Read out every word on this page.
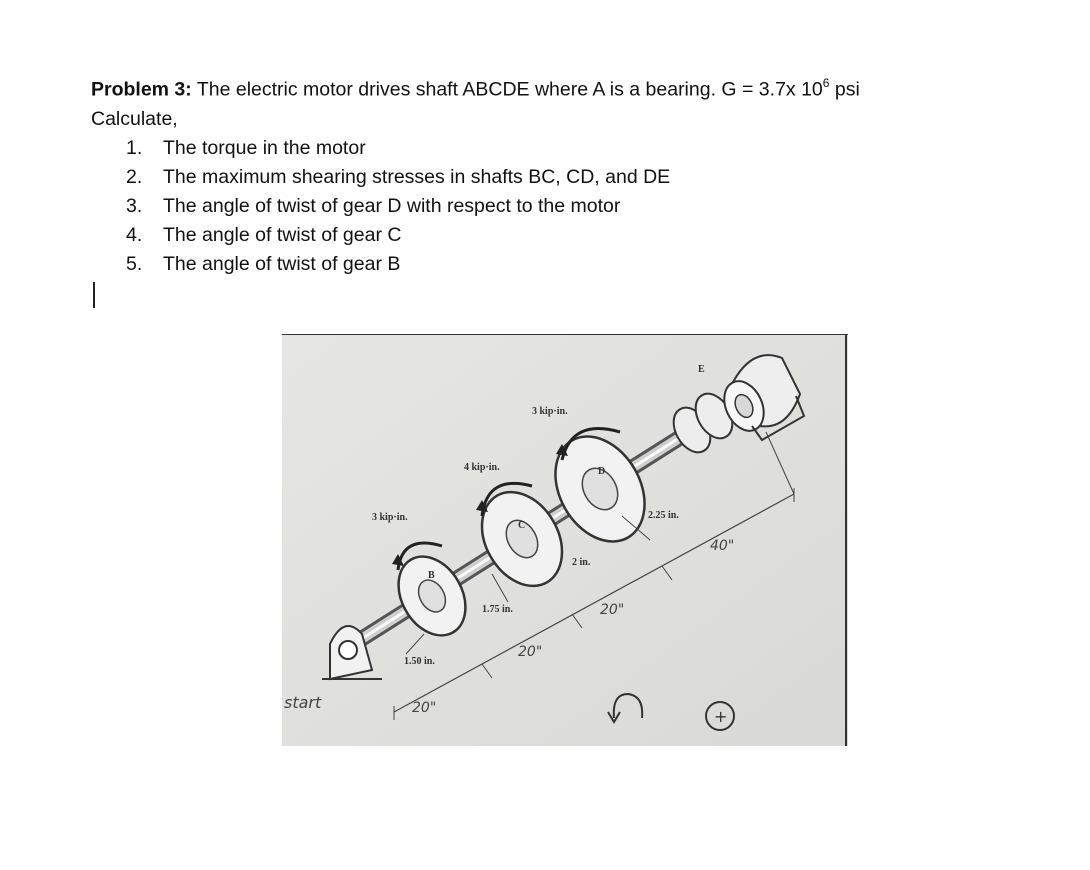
Problem 3: The electric motor drives shaft ABCDE where A is a bearing. G = 3.7x $10^6$ psi
Calculate,
1. The torque in the motor
2. The maximum shearing stresses in shafts BC, CD, and DE
3. The angle of twist of gear D with respect to the motor
4. The angle of twist of gear C
5. The angle of twist of gear B
3 kip·in.
4 kip·in.
3 kip·in.
B
C
D
E
2.25 in.
2 in.
1.75 in.
1.50 in.
20"
20"
20"
40"
start
+
